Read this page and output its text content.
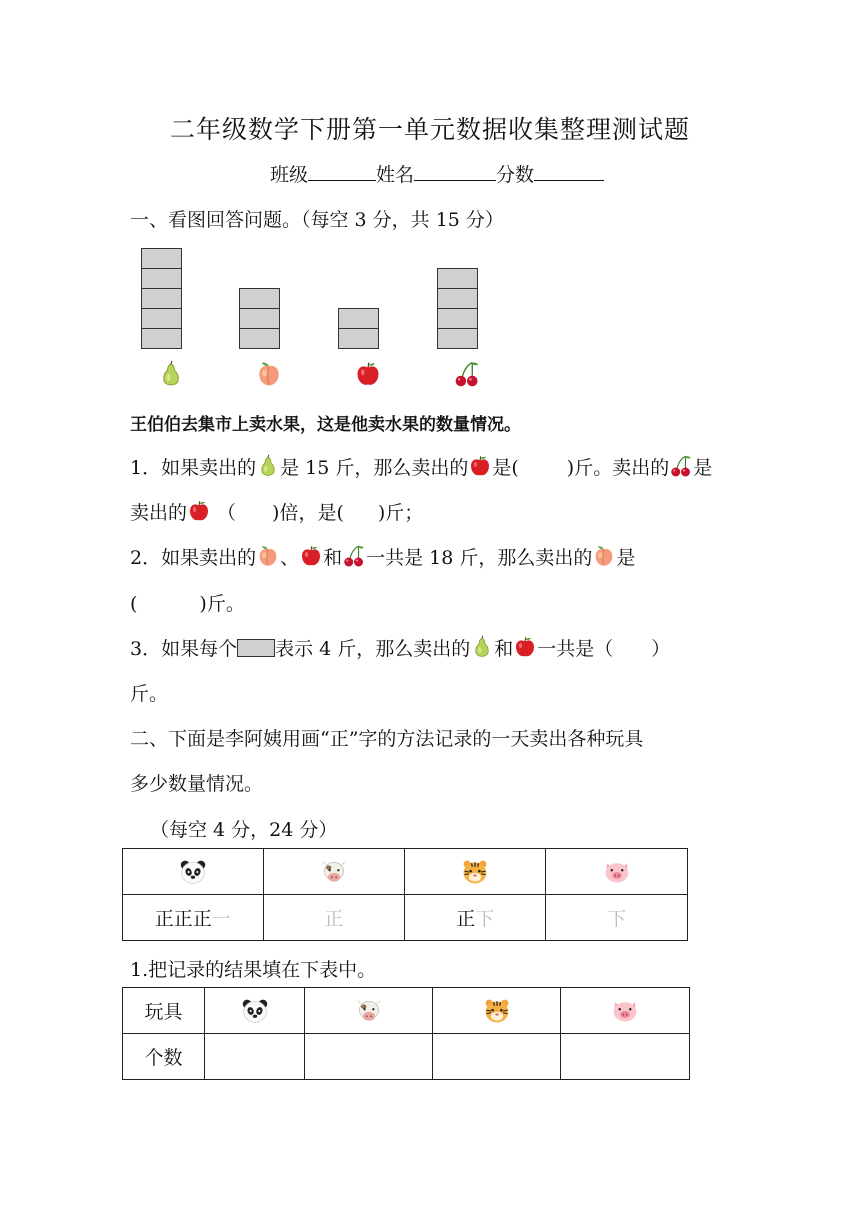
二年级数学下册第一单元数据收集整理测试题
班级	姓名	分数
一、看图回答问题。（每空 3 分，共 15 分）
王伯伯去集市上卖水果，这是他卖水果的数量情况。
1．如果卖出的 是 15 斤，那么卖出的 是(	)斤。卖出的 是
卖出的 （ )倍，是( )斤；
2．如果卖出的 、 和 一共是 18 斤，那么卖出的 是
(	)斤。
3．如果每个 表示 4 斤，那么卖出的 和 一共是（ ）
斤。
二、下面是李阿姨用画“正”字的方法记录的一天卖出各种玩具
多少数量情况。
（每空 4 分，24 分）

正正正一	正	正下	下
1.把记录的结果填在下表中。
玩具	

个数				
